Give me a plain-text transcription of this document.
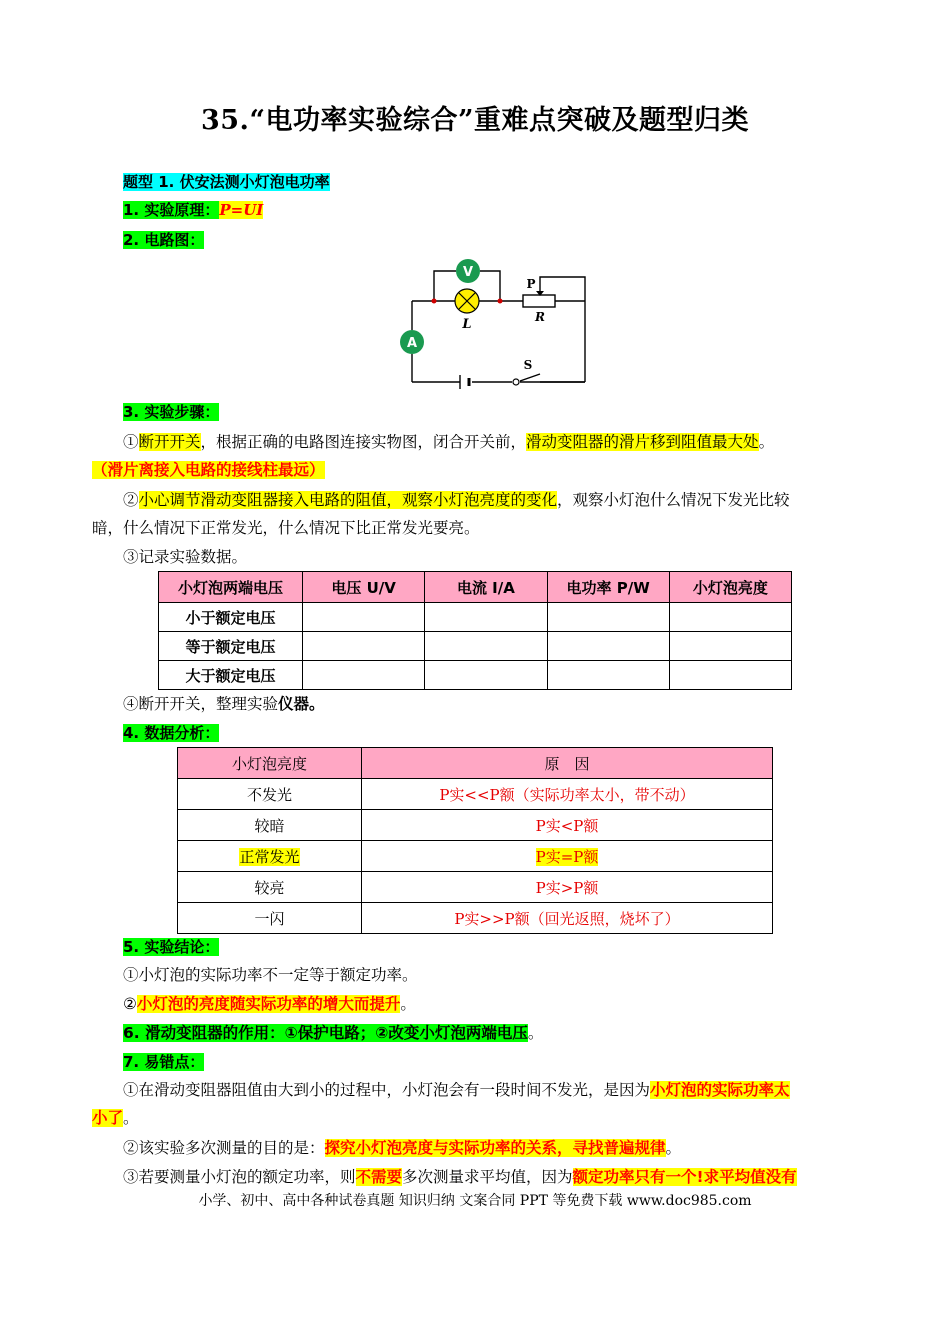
35.“电功率实验综合”重难点突破及题型归类
题型 1. 伏安法测小灯泡电功率
1. 实验原理：P=UI
2. 电路图：
V
A
L
P
R
S
3. 实验步骤：
①断开开关，根据正确的电路图连接实物图，闭合开关前，滑动变阻器的滑片移到阻值最大处。
（滑片离接入电路的接线柱最远）
②小心调节滑动变阻器接入电路的阻值，观察小灯泡亮度的变化，观察小灯泡什么情况下发光比较
暗，什么情况下正常发光，什么情况下比正常发光要亮。
③记录实验数据。
小灯泡两端电压	电压 U/V	电流 I/A	电功率 P/W	小灯泡亮度
小于额定电压				
等于额定电压				
大于额定电压				
④断开开关，整理实验仪器。
4. 数据分析：
小灯泡亮度	原　因
不发光	P实<<P额（实际功率太小，带不动）
较暗	P实<P额
正常发光	P实=P额
较亮	P实>P额
一闪	P实>>P额（回光返照，烧坏了）
5. 实验结论：
①小灯泡的实际功率不一定等于额定功率。
②小灯泡的亮度随实际功率的增大而提升。
6. 滑动变阻器的作用：①保护电路；②改变小灯泡两端电压。
7. 易错点：
①在滑动变阻器阻值由大到小的过程中，小灯泡会有一段时间不发光，是因为小灯泡的实际功率太
小了。
②该实验多次测量的目的是：探究小灯泡亮度与实际功率的关系，寻找普遍规律。
③若要测量小灯泡的额定功率，则不需要多次测量求平均值，因为额定功率只有一个!求平均值没有
小学、初中、高中各种试卷真题 知识归纳 文案合同 PPT 等免费下载 www.doc985.com
